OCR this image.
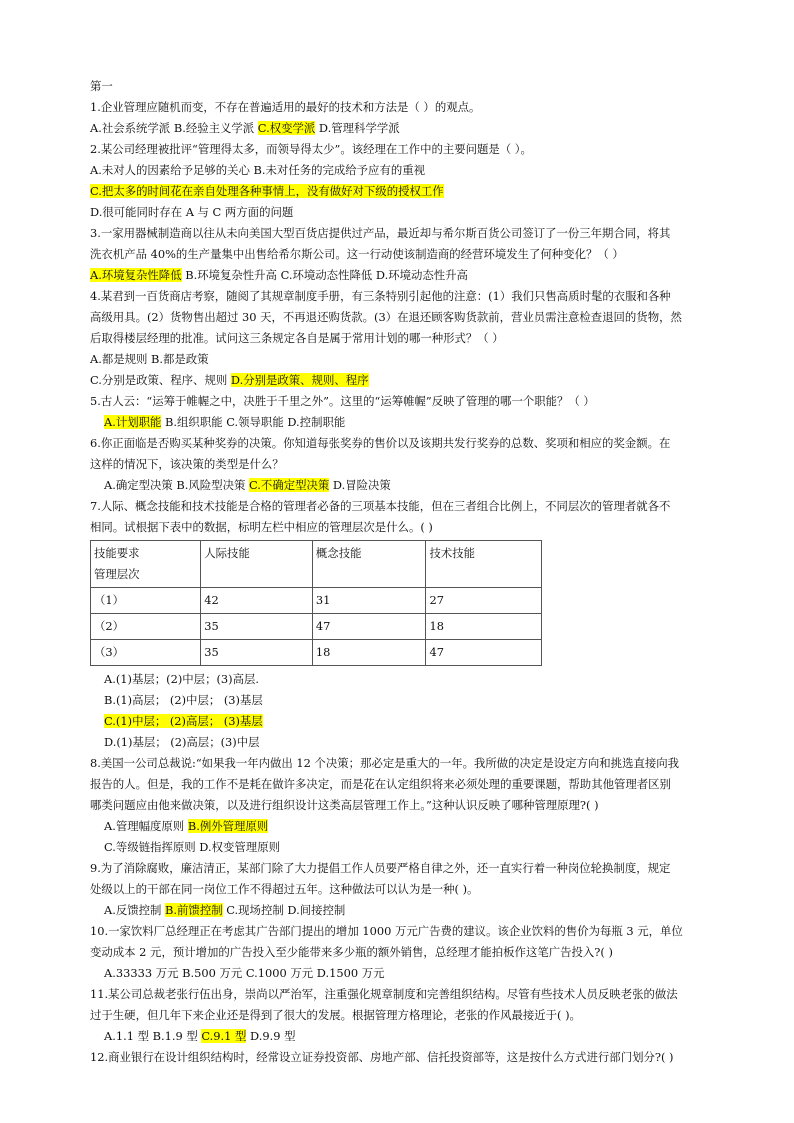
第一
1.企业管理应随机而变，不存在普遍适用的最好的技术和方法是（ ）的观点。
A.社会系统学派 B.经验主义学派 C.权变学派 D.管理科学学派
2.某公司经理被批评“管理得太多，而领导得太少”。该经理在工作中的主要问题是（ ）。
A.未对人的因素给予足够的关心 B.未对任务的完成给予应有的重视
C.把太多的时间花在亲自处理各种事情上，没有做好对下级的授权工作
D.很可能同时存在 A 与 C 两方面的问题
3.一家用器械制造商以往从未向美国大型百货店提供过产品，最近却与希尔斯百货公司签订了一份三年期合同，将其
洗衣机产品 40%的生产量集中出售给希尔斯公司。这一行动使该制造商的经营环境发生了何种变化？（ ）
A.环境复杂性降低 B.环境复杂性升高 C.环境动态性降低 D.环境动态性升高
4.某君到一百货商店考察，随阅了其规章制度手册，有三条特别引起他的注意：(1）我们只售高质时髦的衣服和各种
高级用具。(2）货物售出超过 30 天，不再退还购货款。(3）在退还顾客购货款前，营业员需注意检查退回的货物，然
后取得楼层经理的批准。试问这三条规定各自是属于常用计划的哪一种形式？（ ）
A.都是规则 B.都是政策
C.分别是政策、程序、规则 D.分别是政策、规则、程序
5.古人云：“运筹于帷幄之中，决胜于千里之外”。这里的“运筹帷幄”反映了管理的哪一个职能？（ ）
A.计划职能 B.组织职能 C.领导职能 D.控制职能
6.你正面临是否购买某种奖券的决策。你知道每张奖券的售价以及该期共发行奖券的总数、奖项和相应的奖金额。在
这样的情况下，该决策的类型是什么？
A.确定型决策 B.风险型决策 C.不确定型决策 D.冒险决策
7.人际、概念技能和技术技能是合格的管理者必备的三项基本技能，但在三者组合比例上，不同层次的管理者就各不
相同。试根据下表中的数据，标明左栏中相应的管理层次是什么。( )
技能要求
管理层次	人际技能	概念技能	技术技能
（1）	42	31	27
（2）	35	47	18
（3）	35	18	47
A.(1)基层；(2)中层；(3)高层.
B.(1)高层； (2)中层； (3)基层
C.(1)中层； (2)高层； (3)基层
D.(1)基层； (2)高层；(3)中层
8.美国一公司总裁说:“如果我一年内做出 12 个决策；那必定是重大的一年。我所做的决定是设定方向和挑选直接向我
报告的人。但是，我的工作不是耗在做许多决定，而是花在认定组织将来必须处理的重要课题，帮助其他管理者区别
哪类问题应由他来做决策，以及进行组织设计这类高层管理工作上。”这种认识反映了哪种管理原理?( )
A.管理幅度原则 B.例外管理原则
C.等级链指挥原则 D.权变管理原则
9.为了消除腐败，廉洁清正，某部门除了大力提倡工作人员要严格自律之外，还一直实行着一种岗位轮换制度，规定
处级以上的干部在同一岗位工作不得超过五年。这种做法可以认为是一种( )。
A.反馈控制 B.前馈控制 C.现场控制 D.间接控制
10.一家饮料厂总经理正在考虑其广告部门提出的增加 1000 万元广告费的建议。该企业饮料的售价为每瓶 3 元，单位
变动成本 2 元，预计增加的广告投入至少能带来多少瓶的额外销售，总经理才能拍板作这笔广告投入?( )
A.33333 万元 B.500 万元 C.1000 万元 D.1500 万元
11.某公司总裁老张行伍出身，崇尚以严治军，注重强化规章制度和完善组织结构。尽管有些技术人员反映老张的做法
过于生硬，但几年下来企业还是得到了很大的发展。根据管理方格理论，老张的作风最接近于( )。
A.1.1 型 B.1.9 型 C.9.1 型 D.9.9 型
12.商业银行在设计组织结构时，经常设立证券投资部、房地产部、信托投资部等，这是按什么方式进行部门划分?( )
